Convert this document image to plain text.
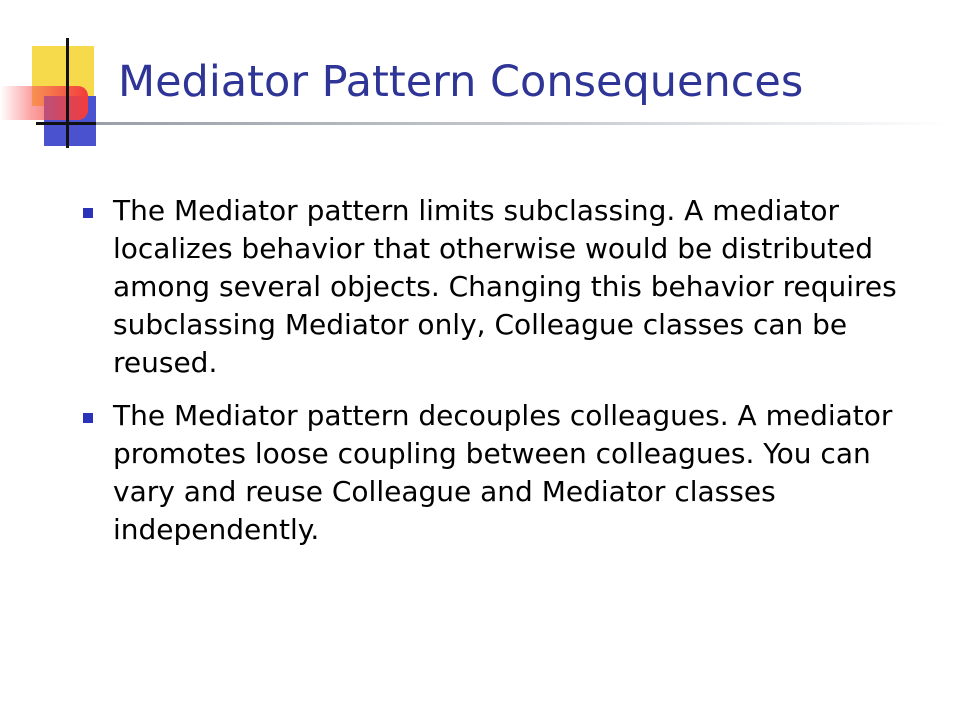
Mediator Pattern Consequences
The Mediator pattern limits subclassing. A mediator localizes behavior that otherwise would be distributed among several objects. Changing this behavior requires subclassing Mediator only, Colleague classes can be reused.
The Mediator pattern decouples colleagues. A mediator promotes loose coupling between colleagues. You can vary and reuse Colleague and Mediator classes independently.
